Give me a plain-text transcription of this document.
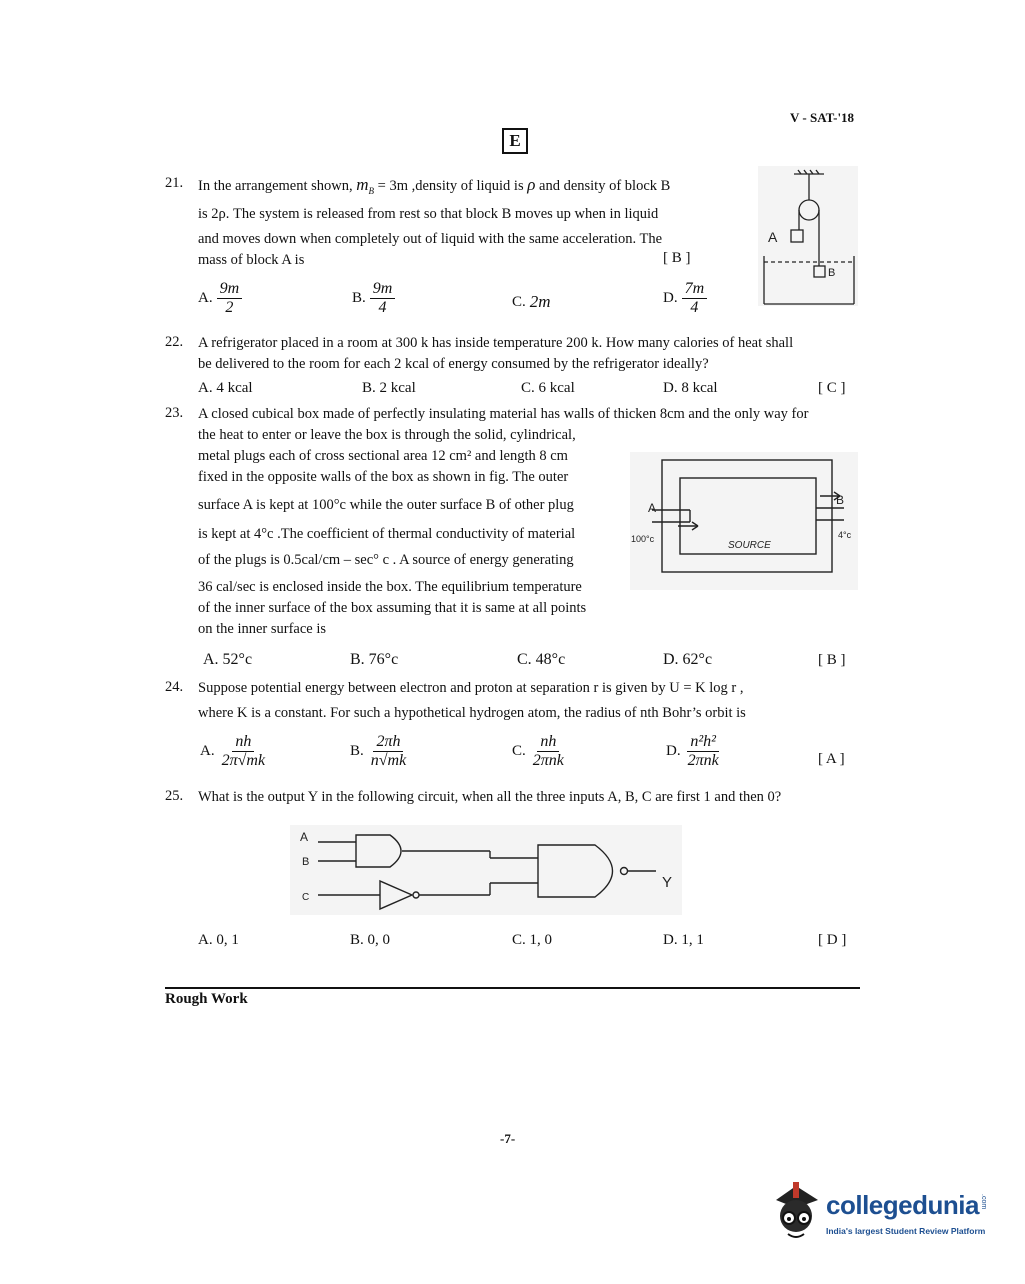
V - SAT-'18
E
21. In the arrangement shown, $m_B = 3m$ ,density of liquid is ρ and density of block B
is 2ρ. The system is released from rest so that block B moves up when in liquid
and moves down when completely out of liquid with the same acceleration. The
mass of block A is	[ B ]
A. $\frac{9m}{2}$	B. $\frac{9m}{4}$	C. 2m	D. $\frac{7m}{4}$
A
B
22. A refrigerator placed in a room at 300 k has inside temperature 200 k. How many calories of heat shall
be delivered to the room for each 2 kcal of energy consumed by the refrigerator ideally?
A. 4 kcal	B. 2 kcal	C. 6 kcal	D. 8 kcal	[ C ]
23. A closed cubical box made of perfectly insulating material has walls of thicken 8cm and the only way for
the heat to enter or leave the box is through the solid, cylindrical,
metal plugs each of cross sectional area 12 cm² and length 8 cm
fixed in the opposite walls of the box as shown in fig. The outer
surface A is kept at 100°c while the outer surface B of other plug
is kept at 4°c .The coefficient of thermal conductivity of material
of the plugs is 0.5cal/cm – sec° c . A source of energy generating
36 cal/sec is enclosed inside the box. The equilibrium temperature
of the inner surface of the box assuming that it is same at all points
on the inner surface is
A
B
100°c	4°c
SOURCE
A. 52°c	B. 76°c	C. 48°c	D. 62°c	[ B ]
24. Suppose potential energy between electron and proton at separation r is given by U = K log r ,
where K is a constant. For such a hypothetical hydrogen atom, the radius of nth Bohr’s orbit is
A. $\frac{nh}{2\pi√mk}$	B. $\frac{2\pi h}{n√mk}$	C. $\frac{nh}{\text{2πnk}}$	D. $\frac{\text{n²h²}}{\text{2πnk}}$	[ A ]
25. What is the output Y in the following circuit, when all the three inputs A, B, C are first 1 and then 0?
A
B
C
Y
A. 0, 1	B. 0, 0	C. 1, 0	D. 1, 1	[ D ]
Rough Work
-7-
collegedunia .com
India's largest Student Review Platform
